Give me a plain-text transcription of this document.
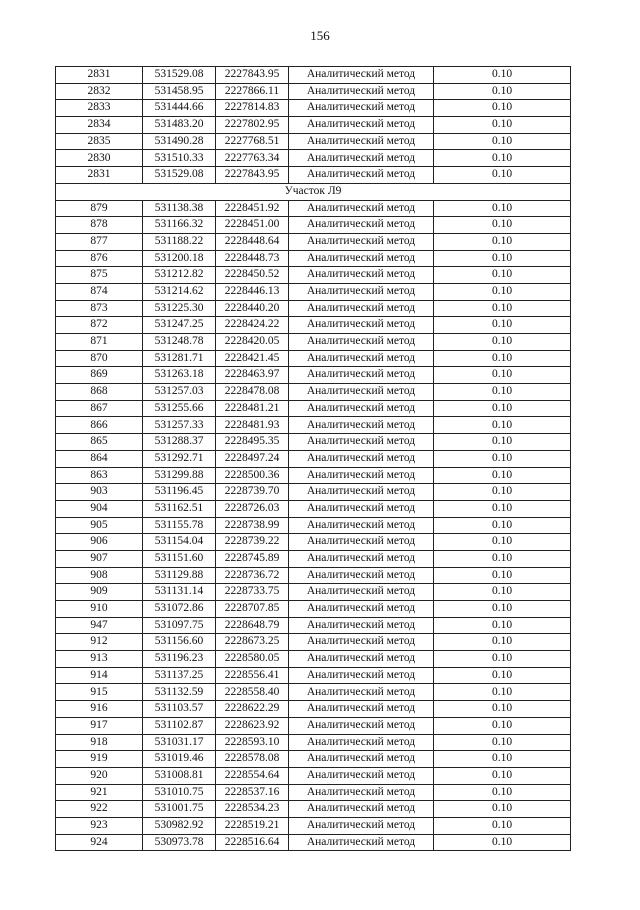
156
2831	531529.08	2227843.95	Аналитический метод	0.10
2832	531458.95	2227866.11	Аналитический метод	0.10
2833	531444.66	2227814.83	Аналитический метод	0.10
2834	531483.20	2227802.95	Аналитический метод	0.10
2835	531490.28	2227768.51	Аналитический метод	0.10
2830	531510.33	2227763.34	Аналитический метод	0.10
2831	531529.08	2227843.95	Аналитический метод	0.10
Участок Л9				
879	531138.38	2228451.92	Аналитический метод	0.10
878	531166.32	2228451.00	Аналитический метод	0.10
877	531188.22	2228448.64	Аналитический метод	0.10
876	531200.18	2228448.73	Аналитический метод	0.10
875	531212.82	2228450.52	Аналитический метод	0.10
874	531214.62	2228446.13	Аналитический метод	0.10
873	531225.30	2228440.20	Аналитический метод	0.10
872	531247.25	2228424.22	Аналитический метод	0.10
871	531248.78	2228420.05	Аналитический метод	0.10
870	531281.71	2228421.45	Аналитический метод	0.10
869	531263.18	2228463.97	Аналитический метод	0.10
868	531257.03	2228478.08	Аналитический метод	0.10
867	531255.66	2228481.21	Аналитический метод	0.10
866	531257.33	2228481.93	Аналитический метод	0.10
865	531288.37	2228495.35	Аналитический метод	0.10
864	531292.71	2228497.24	Аналитический метод	0.10
863	531299.88	2228500.36	Аналитический метод	0.10
903	531196.45	2228739.70	Аналитический метод	0.10
904	531162.51	2228726.03	Аналитический метод	0.10
905	531155.78	2228738.99	Аналитический метод	0.10
906	531154.04	2228739.22	Аналитический метод	0.10
907	531151.60	2228745.89	Аналитический метод	0.10
908	531129.88	2228736.72	Аналитический метод	0.10
909	531131.14	2228733.75	Аналитический метод	0.10
910	531072.86	2228707.85	Аналитический метод	0.10
947	531097.75	2228648.79	Аналитический метод	0.10
912	531156.60	2228673.25	Аналитический метод	0.10
913	531196.23	2228580.05	Аналитический метод	0.10
914	531137.25	2228556.41	Аналитический метод	0.10
915	531132.59	2228558.40	Аналитический метод	0.10
916	531103.57	2228622.29	Аналитический метод	0.10
917	531102.87	2228623.92	Аналитический метод	0.10
918	531031.17	2228593.10	Аналитический метод	0.10
919	531019.46	2228578.08	Аналитический метод	0.10
920	531008.81	2228554.64	Аналитический метод	0.10
921	531010.75	2228537.16	Аналитический метод	0.10
922	531001.75	2228534.23	Аналитический метод	0.10
923	530982.92	2228519.21	Аналитический метод	0.10
924	530973.78	2228516.64	Аналитический метод	0.10
